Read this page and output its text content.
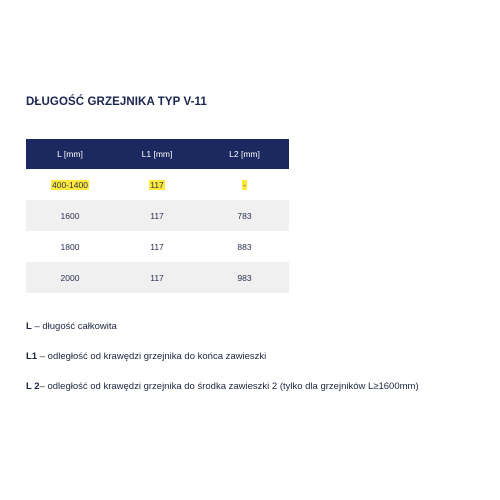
DŁUGOŚĆ GRZEJNIKA TYP V-11
L [mm]	L1 [mm]	L2 [mm]
400-1400	117	-
1600	117	783
1800	117	883
2000	117	983
L – długość całkowita
L1 – odległość od krawędzi grzejnika do końca zawieszki
L 2– odległość od krawędzi grzejnika do środka zawieszki 2 (tylko dla grzejników L≥1600mm)
